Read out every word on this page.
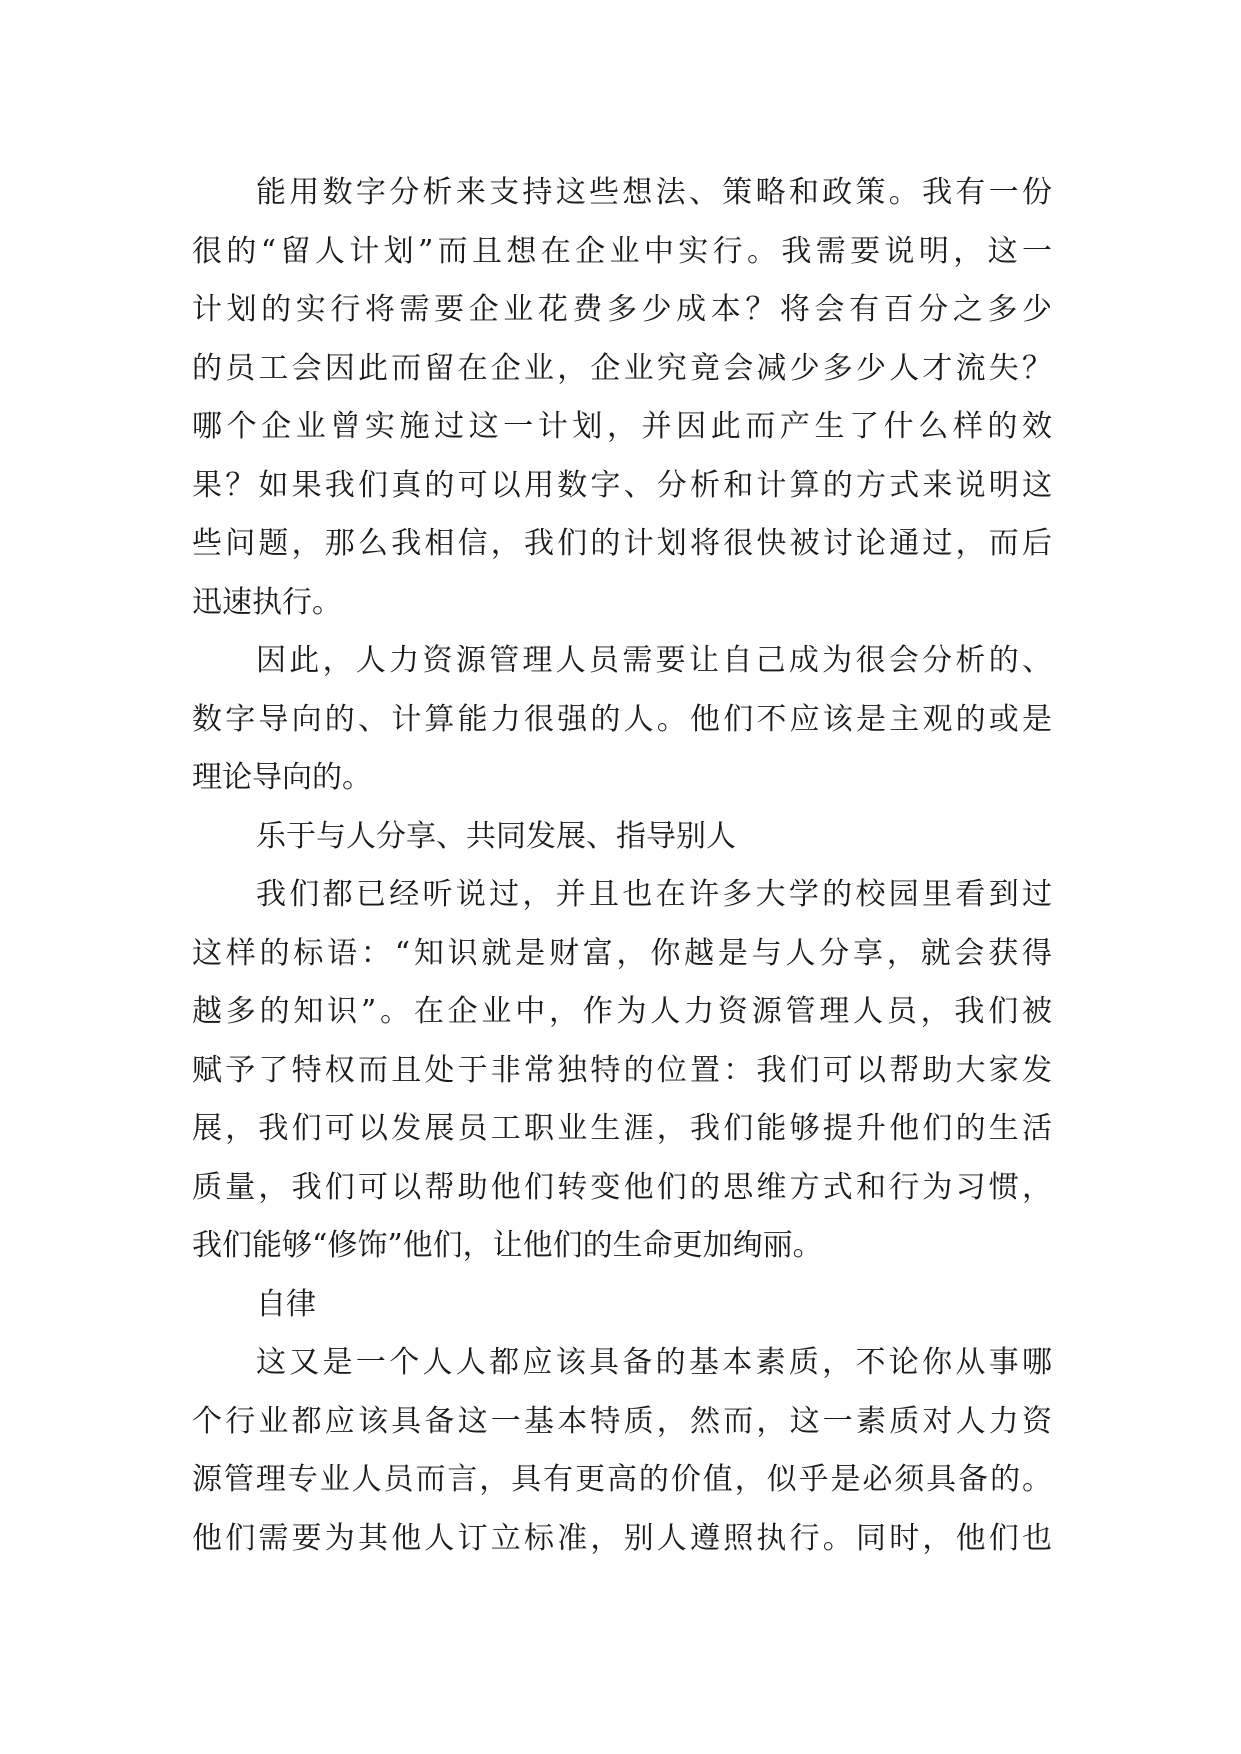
能用数字分析来支持这些想法、策略和政策。我有一份
很的“留人计划”而且想在企业中实行。我需要说明，这一
计划的实行将需要企业花费多少成本？将会有百分之多少
的员工会因此而留在企业，企业究竟会减少多少人才流失？
哪个企业曾实施过这一计划，并因此而产生了什么样的效
果？如果我们真的可以用数字、分析和计算的方式来说明这
些问题，那么我相信，我们的计划将很快被讨论通过，而后
迅速执行。
因此，人力资源管理人员需要让自己成为很会分析的、
数字导向的、计算能力很强的人。他们不应该是主观的或是
理论导向的。
乐于与人分享、共同发展、指导别人
我们都已经听说过，并且也在许多大学的校园里看到过
这样的标语：“知识就是财富，你越是与人分享，就会获得
越多的知识”。在企业中，作为人力资源管理人员，我们被
赋予了特权而且处于非常独特的位置：我们可以帮助大家发
展，我们可以发展员工职业生涯，我们能够提升他们的生活
质量，我们可以帮助他们转变他们的思维方式和行为习惯，
我们能够“修饰”他们，让他们的生命更加绚丽。
自律
这又是一个人人都应该具备的基本素质，不论你从事哪
个行业都应该具备这一基本特质，然而，这一素质对人力资
源管理专业人员而言，具有更高的价值，似乎是必须具备的。
他们需要为其他人订立标准，别人遵照执行。同时，他们也
